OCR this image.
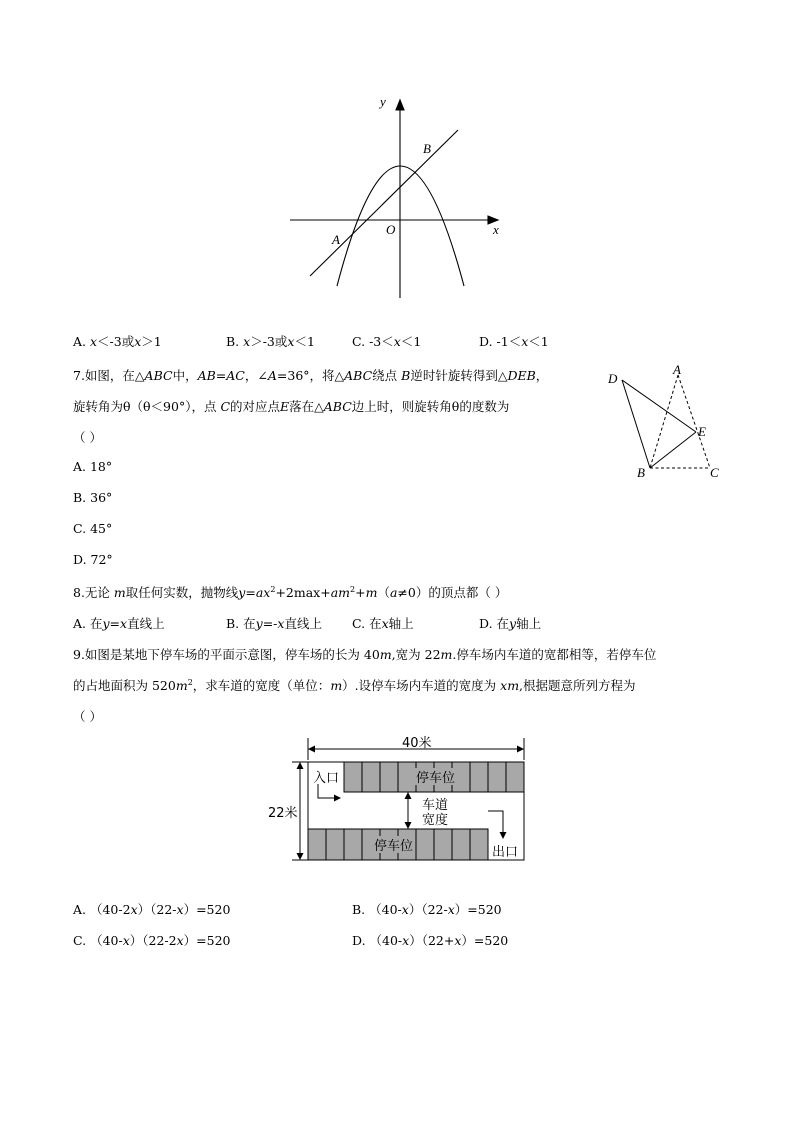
y
x
O
A
B
A. x＜-3或x＞1	B. x＞-3或x＜1	C. -3＜x＜1	D. -1＜x＜1
7.如图，在△ABC中，AB=AC，∠A=36°，将△ABC绕点 B逆时针旋转得到△DEB，
旋转角为θ（θ＜90°），点 C的对应点E落在△ABC边上时，则旋转角θ的度数为
（ ）
A. 18°
B. 36°
C. 45°
D. 72°
D
A
E
B	C
8.无论 m取任何实数，抛物线$y=ax^2+2\max+am^2+m(a\ne 0)$的顶点都（ ）
A. 在y=x直线上	B. 在y=-x直线上 C. 在x轴上	D. 在y轴上
9.如图是某地下停车场的平面示意图，停车场的长为 40m,宽为 22m.停车场内车道的宽都相等，若停车位
的占地面积为 $520m^2$，求车道的宽度（单位：m）.设停车场内车道的宽度为 xm,根据题意所列方程为
（ ）
40米
22米
入口
出口
停车位
停车位
车道
宽度
A. （40-2x）（22-x）=520	B. （40-x）（22-x）=520
C. （40-x）（22-2x）=520	D. （40-x）（22+x）=520
